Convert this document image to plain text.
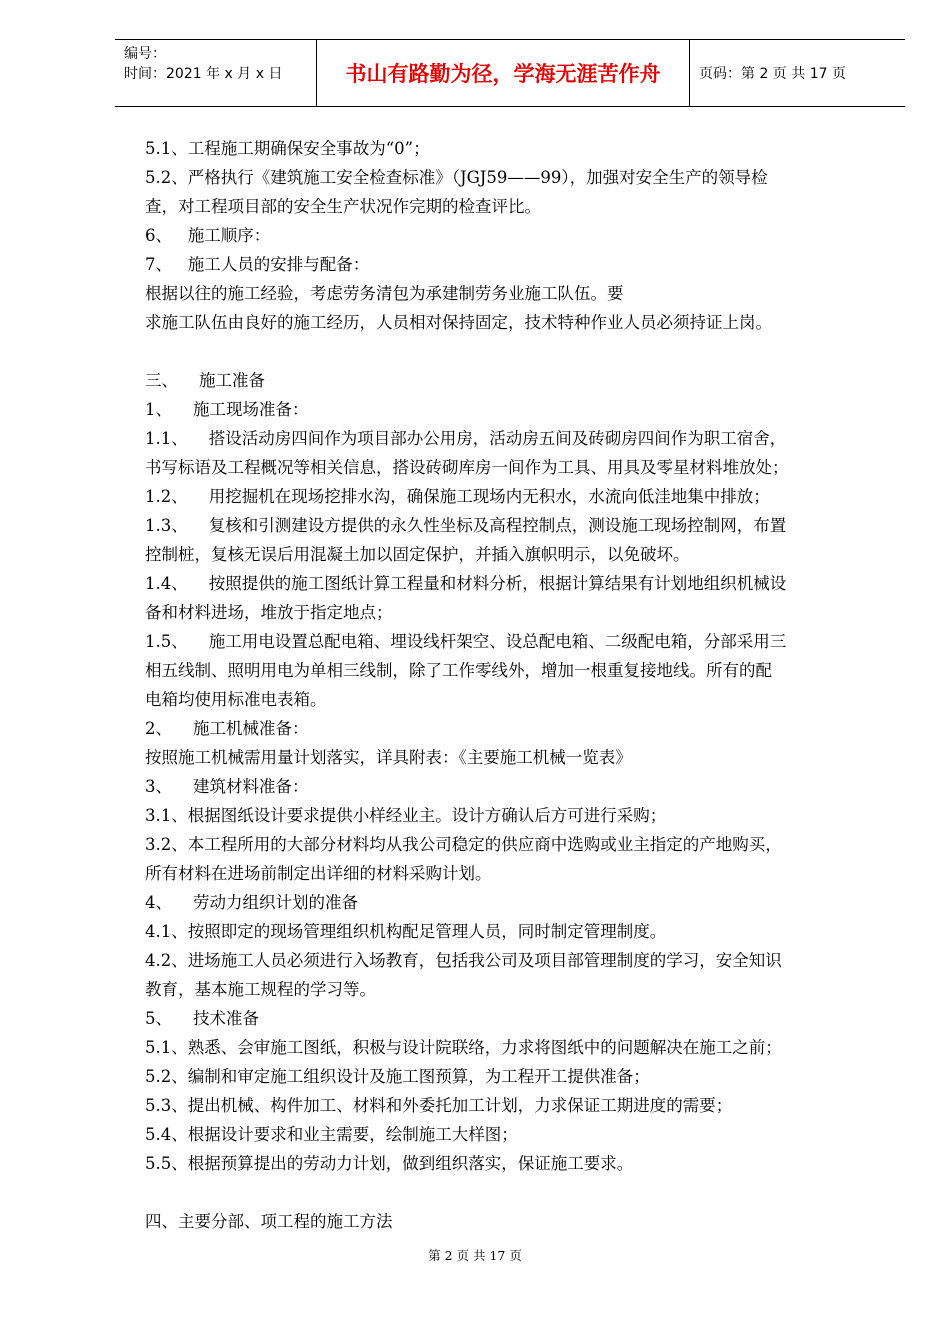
编号：
时间：2021 年 x 月 x 日	书山有路勤为径，学海无涯苦作舟	页码：第 2 页 共 17 页
5.1、工程施工期确保安全事故为“0”；
5.2、严格执行《建筑施工安全检查标准》（JGJ59——99），加强对安全生产的领导检
查，对工程项目部的安全生产状况作完期的检查评比。
6、   施工顺序：
7、   施工人员的安排与配备：
根据以往的施工经验，考虑劳务清包为承建制劳务业施工队伍。要
求施工队伍由良好的施工经历，人员相对保持固定，技术特种作业人员必须持证上岗。
三、    施工准备
1、    施工现场准备：
1.1、    搭设活动房四间作为项目部办公用房，活动房五间及砖砌房四间作为职工宿舍，
书写标语及工程概况等相关信息，搭设砖砌库房一间作为工具、用具及零星材料堆放处；
1.2、    用挖掘机在现场挖排水沟，确保施工现场内无积水，水流向低洼地集中排放；
1.3、    复核和引测建设方提供的永久性坐标及高程控制点，测设施工现场控制网，布置
控制桩，复核无误后用混凝土加以固定保护，并插入旗帜明示，以免破坏。
1.4、    按照提供的施工图纸计算工程量和材料分析，根据计算结果有计划地组织机械设
备和材料进场，堆放于指定地点；
1.5、    施工用电设置总配电箱、埋设线杆架空、设总配电箱、二级配电箱，分部采用三
相五线制、照明用电为单相三线制，除了工作零线外，增加一根重复接地线。所有的配
电箱均使用标准电表箱。
2、    施工机械准备：
按照施工机械需用量计划落实，详具附表：《主要施工机械一览表》
3、    建筑材料准备：
3.1、根据图纸设计要求提供小样经业主。设计方确认后方可进行采购；
3.2、本工程所用的大部分材料均从我公司稳定的供应商中选购或业主指定的产地购买，
所有材料在进场前制定出详细的材料采购计划。
4、    劳动力组织计划的准备
4.1、按照即定的现场管理组织机构配足管理人员，同时制定管理制度。
4.2、进场施工人员必须进行入场教育，包括我公司及项目部管理制度的学习，安全知识
教育，基本施工规程的学习等。
5、    技术准备
5.1、熟悉、会审施工图纸，积极与设计院联络，力求将图纸中的问题解决在施工之前；
5.2、编制和审定施工组织设计及施工图预算，为工程开工提供准备；
5.3、提出机械、构件加工、材料和外委托加工计划，力求保证工期进度的需要；
5.4、根据设计要求和业主需要，绘制施工大样图；
5.5、根据预算提出的劳动力计划，做到组织落实，保证施工要求。
四、主要分部、项工程的施工方法
第 2 页 共 17 页
